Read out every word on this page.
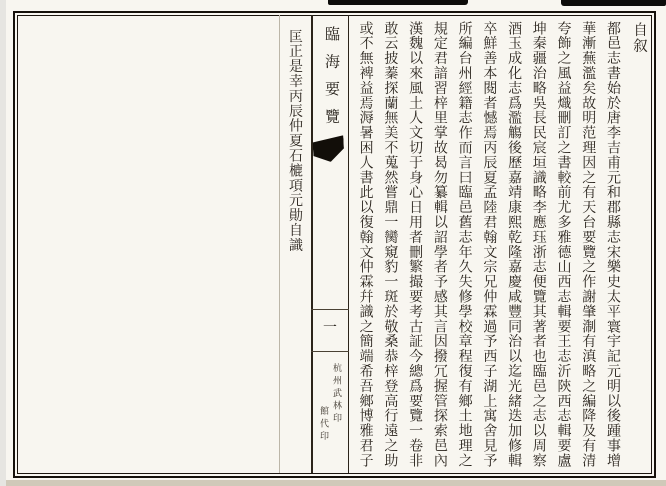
自叙
都邑志書始於唐李吉甫元和郡縣志宋樂史太平寰宇記元明以後踵事增
華漸蕪濫矣故明范理因之有天台要覽之作謝肇淛有滇略之編降及有清
夸飾之風益熾刪訂之書較前尤多雅德山西志輯要王志沂陝西志輯要盧
坤秦疆治略吳長民宸垣識略李應珏浙志便覽其著者也臨邑之志以周察
酒玉成化志爲濫觴後歷嘉靖康熙乾隆嘉慶咸豐同治以迄光緒迭加修輯
卒鮮善本閱者憾焉丙辰夏孟陸君翰文宗兄仲霖過予西子湖上寓舍見予
所編台州經籍志作而言曰臨邑舊志年久失修學校章程復有鄉土地理之
規定君諳習梓里掌故曷勿纂輯以詔學者予感其言因撥冗握管探索邑內
漢魏以來風土人文切于身心日用者刪繁撮要考古証今總爲要覽一卷非
敢云披蓁探蘭無美不蒐然嘗鼎一臠窺豹一斑於敬桑恭梓登高行遠之助
或不無裨益焉溽暑困人書此以復翰文仲霖幷識之簡端希吾鄉博雅君子
臨海要覽
一
杭州武林印
館代印
匡正是幸丙辰仲夏石樚項元勛自識
